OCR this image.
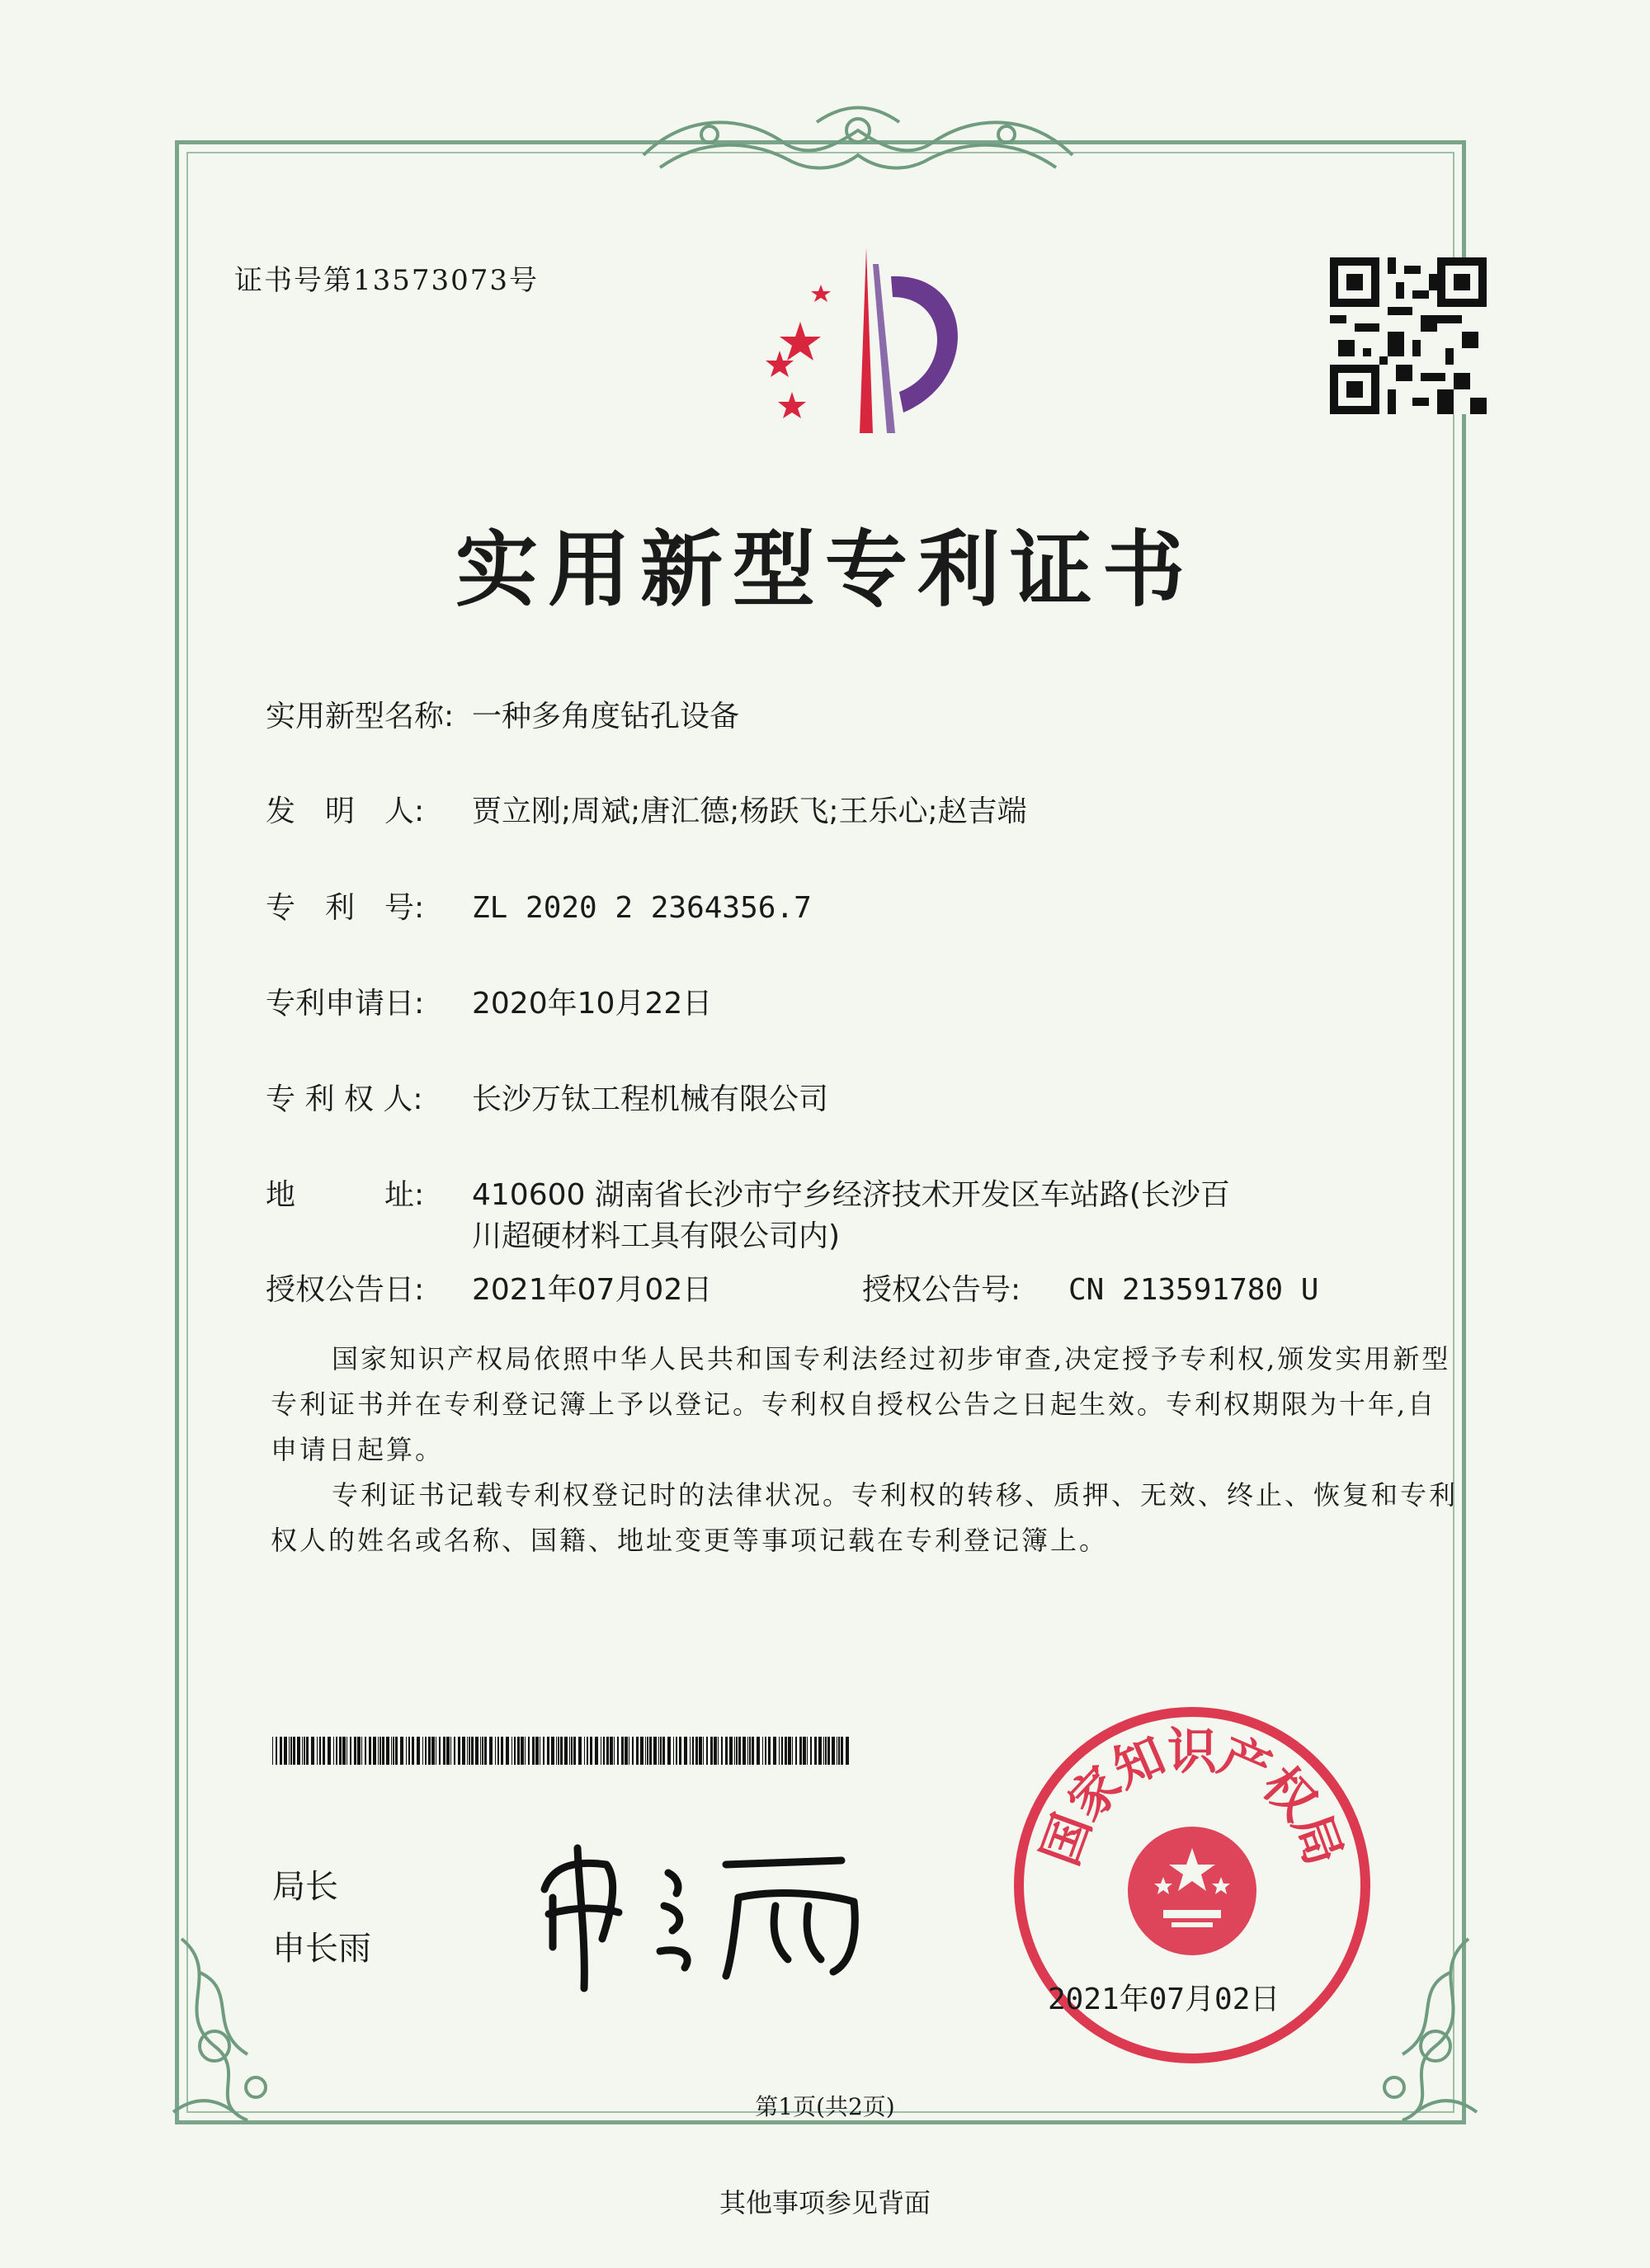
证书号第13573073号
实用新型专利证书
实用新型名称: 一种多角度钻孔设备
发　明　人: 贾立刚;周斌;唐汇德;杨跃飞;王乐心;赵吉端
专　利　号: ZL 2020 2 2364356.7
专利申请日: 2020年10月22日
专 利 权 人: 长沙万钛工程机械有限公司
地　　　址: 410600 湖南省长沙市宁乡经济技术开发区车站路(长沙百
川超硬材料工具有限公司内)
授权公告日: 2021年07月02日	授权公告号: CN 213591780 U
国家知识产权局依照中华人民共和国专利法经过初步审查,决定授予专利权,颁发实用新型专利证书并在专利登记簿上予以登记。专利权自授权公告之日起生效。专利权期限为十年,自申请日起算。
专利证书记载专利权登记时的法律状况。专利权的转移、质押、无效、终止、恢复和专利权人的姓名或名称、国籍、地址变更等事项记载在专利登记簿上。
局长
申长雨
国
家
知
识
产
权
局
2021年07月02日
第1页(共2页)
其他事项参见背面
